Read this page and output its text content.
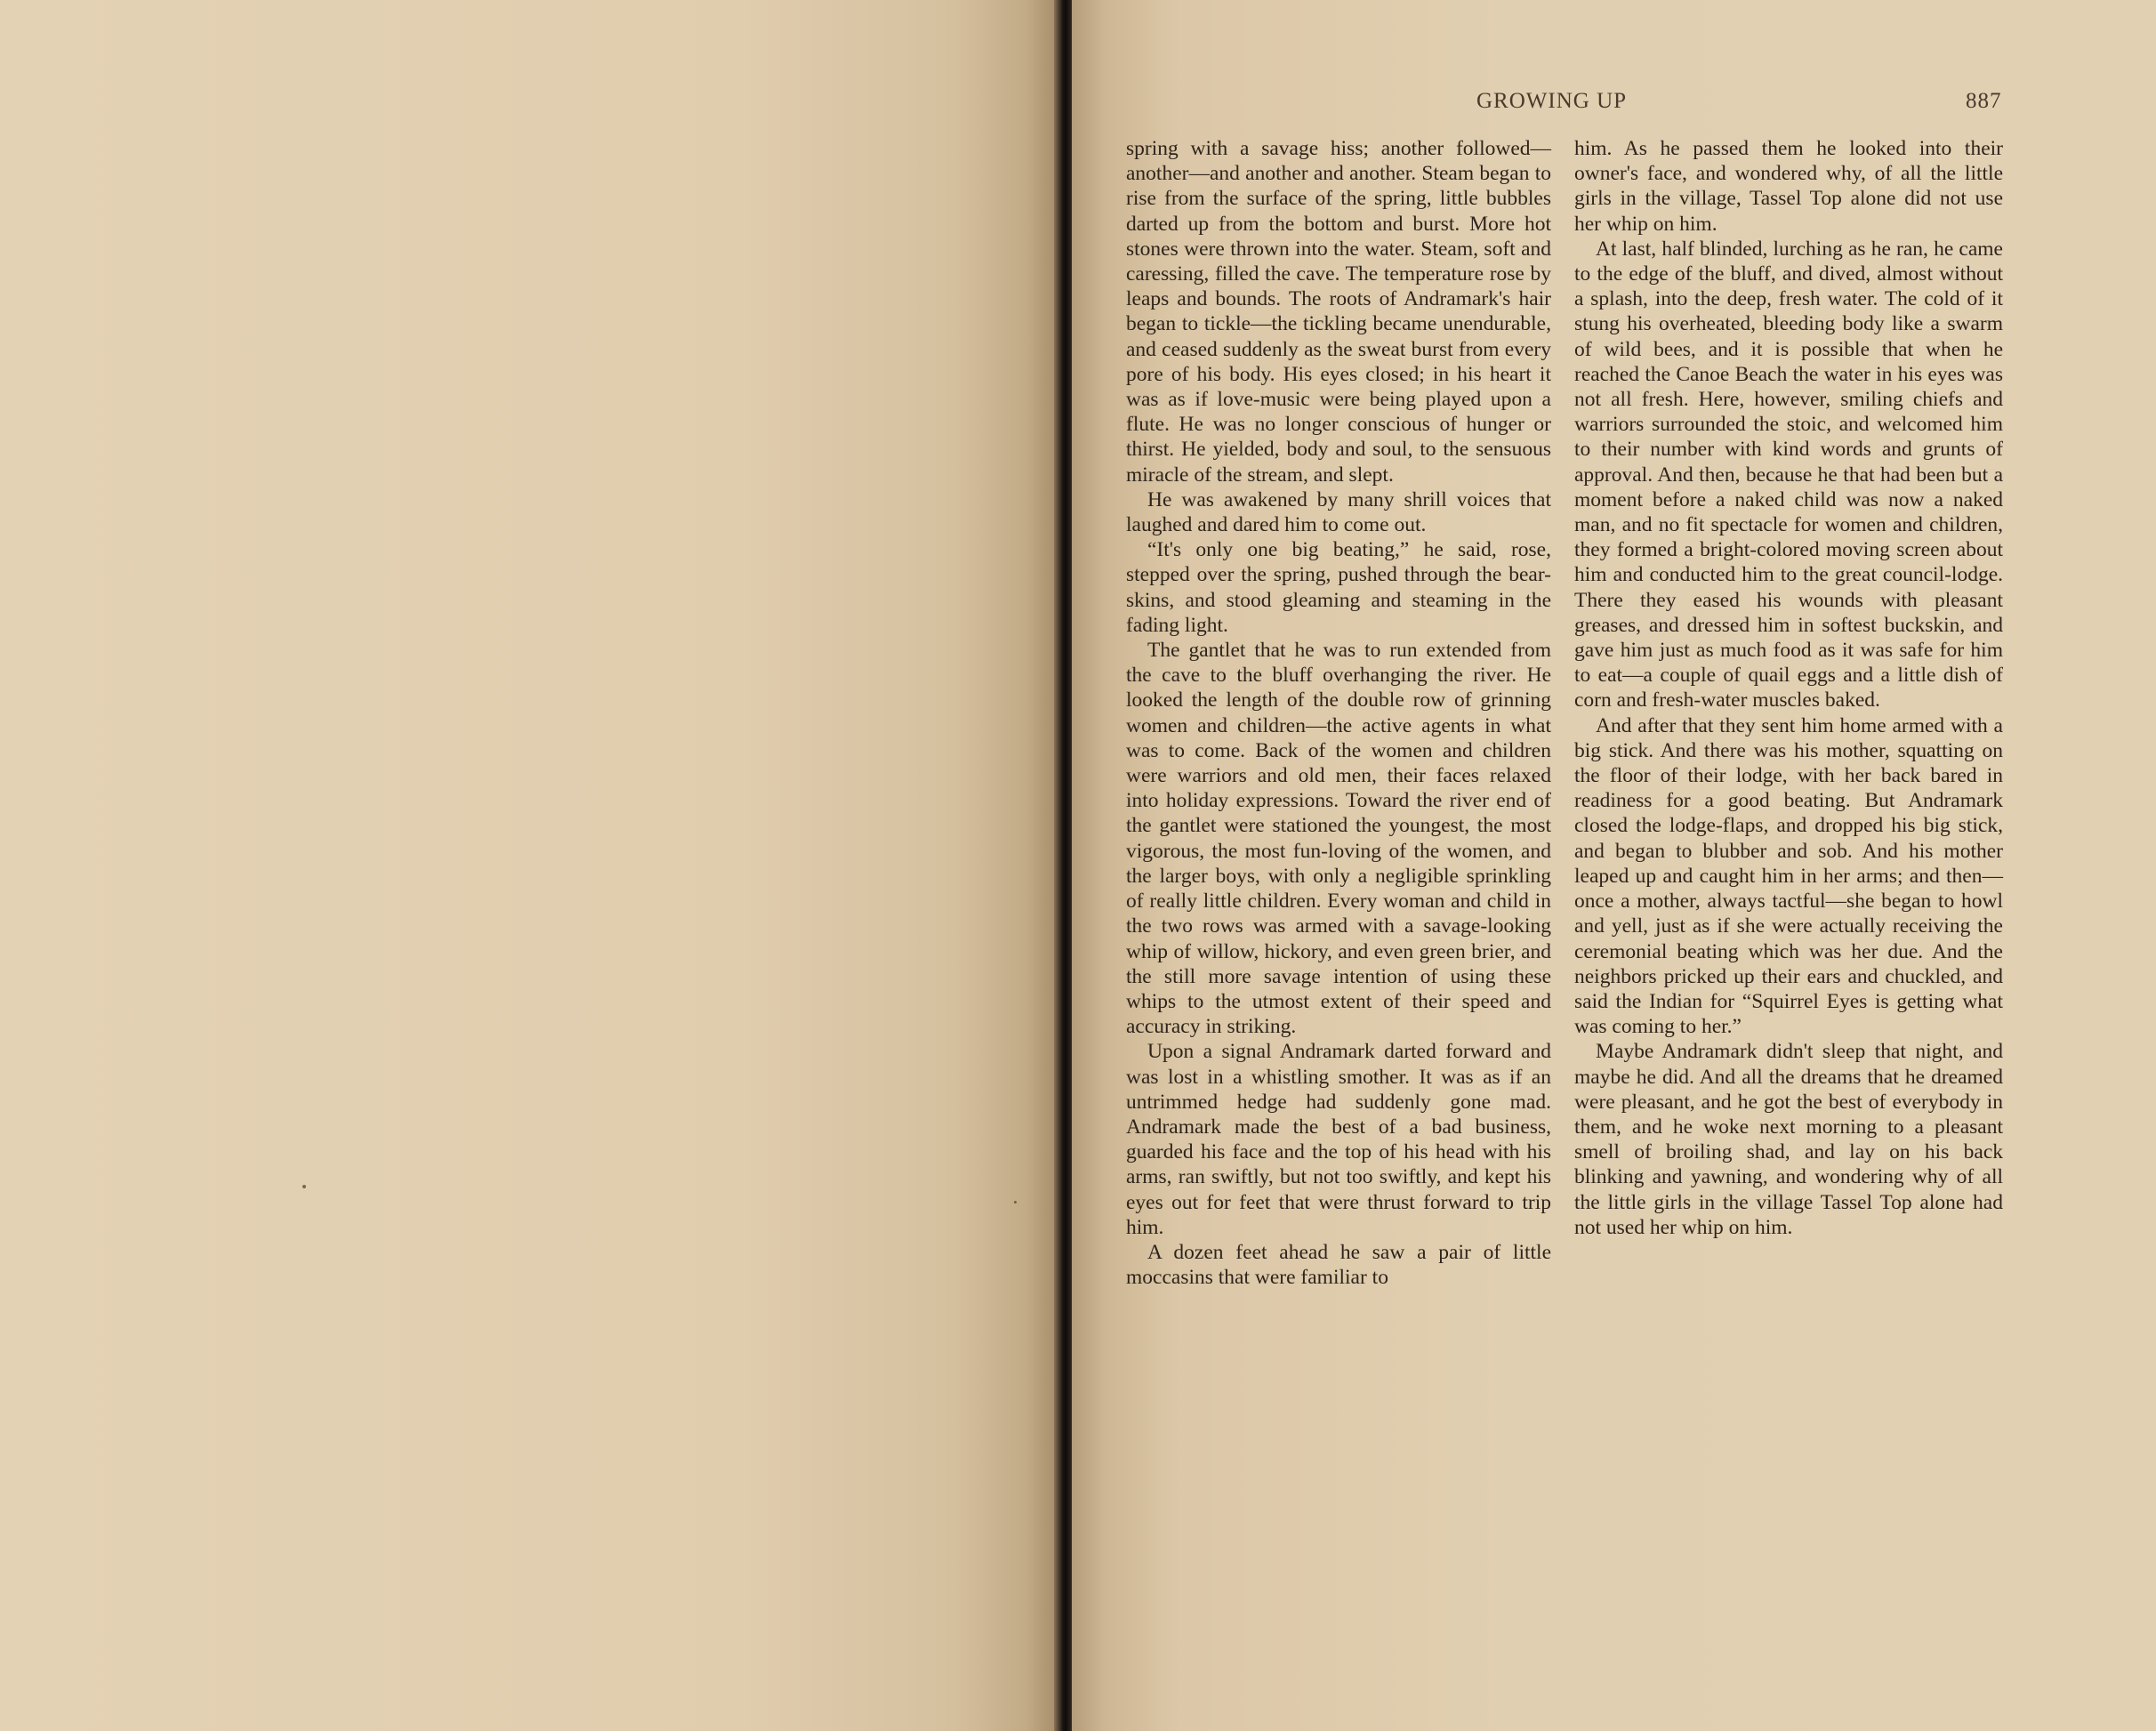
GROWING UP	887

spring with a savage hiss; another followed—another—and another and another. Steam began to rise from the surface of the spring, little bubbles darted up from the bottom and burst. More hot stones were thrown into the water. Steam, soft and caressing, filled the cave. The temperature rose by leaps and bounds. The roots of Andramark's hair began to tickle—the tickling became unendurable, and ceased suddenly as the sweat burst from every pore of his body. His eyes closed; in his heart it was as if love-music were being played upon a flute. He was no longer conscious of hunger or thirst. He yielded, body and soul, to the sensuous miracle of the stream, and slept.

He was awakened by many shrill voices that laughed and dared him to come out.

“It's only one big beating,” he said, rose, stepped over the spring, pushed through the bear-skins, and stood gleaming and steaming in the fading light.

The gantlet that he was to run extended from the cave to the bluff overhanging the river. He looked the length of the double row of grinning women and children—the active agents in what was to come. Back of the women and children were warriors and old men, their faces relaxed into holiday expressions. Toward the river end of the gantlet were stationed the youngest, the most vigorous, the most fun-loving of the women, and the larger boys, with only a negligible sprinkling of really little children. Every woman and child in the two rows was armed with a savage-looking whip of willow, hickory, and even green brier, and the still more savage intention of using these whips to the utmost extent of their speed and accuracy in striking.

Upon a signal Andramark darted forward and was lost in a whistling smother. It was as if an untrimmed hedge had suddenly gone mad. Andramark made the best of a bad business, guarded his face and the top of his head with his arms, ran swiftly, but not too swiftly, and kept his eyes out for feet that were thrust forward to trip him.

A dozen feet ahead he saw a pair of little moccasins that were familiar to

him. As he passed them he looked into their owner's face, and wondered why, of all the little girls in the village, Tassel Top alone did not use her whip on him.

At last, half blinded, lurching as he ran, he came to the edge of the bluff, and dived, almost without a splash, into the deep, fresh water. The cold of it stung his overheated, bleeding body like a swarm of wild bees, and it is possible that when he reached the Canoe Beach the water in his eyes was not all fresh. Here, however, smiling chiefs and warriors surrounded the stoic, and welcomed him to their number with kind words and grunts of approval. And then, because he that had been but a moment before a naked child was now a naked man, and no fit spectacle for women and children, they formed a bright-colored moving screen about him and conducted him to the great council-lodge. There they eased his wounds with pleasant greases, and dressed him in softest buckskin, and gave him just as much food as it was safe for him to eat—a couple of quail eggs and a little dish of corn and fresh-water muscles baked.

And after that they sent him home armed with a big stick. And there was his mother, squatting on the floor of their lodge, with her back bared in readiness for a good beating. But Andramark closed the lodge-flaps, and dropped his big stick, and began to blubber and sob. And his mother leaped up and caught him in her arms; and then—once a mother, always tactful—she began to howl and yell, just as if she were actually receiving the ceremonial beating which was her due. And the neighbors pricked up their ears and chuckled, and said the Indian for “Squirrel Eyes is getting what was coming to her.”

Maybe Andramark didn't sleep that night, and maybe he did. And all the dreams that he dreamed were pleasant, and he got the best of everybody in them, and he woke next morning to a pleasant smell of broiling shad, and lay on his back blinking and yawning, and wondering why of all the little girls in the village Tassel Top alone had not used her whip on him.
